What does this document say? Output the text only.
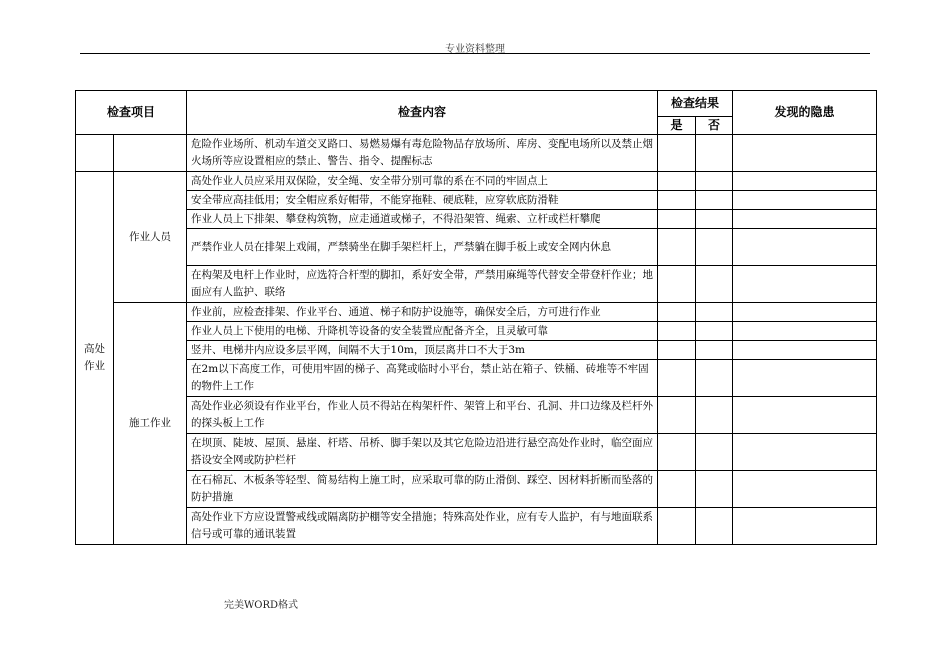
专业资料整理
检查项目		检查内容	检查结果		发现的隐患
			是	否	
		危险作业场所、机动车道交叉路口、易燃易爆有毒危险物品存放场所、库房、变配电场所以及禁止烟火场所等应设置相应的禁止、警告、指令、提醒标志			
高处作业	作业人员	高处作业人员应采用双保险，安全绳、安全带分别可靠的系在不同的牢固点上			
		安全带应高挂低用；安全帽应系好帽带，不能穿拖鞋、硬底鞋，应穿软底防滑鞋			
		作业人员上下排架、攀登构筑物，应走通道或梯子，不得沿架管、绳索、立杆或栏杆攀爬			
		严禁作业人员在排架上戏闹，严禁骑坐在脚手架栏杆上，严禁躺在脚手板上或安全网内休息			
		在构架及电杆上作业时，应选符合杆型的脚扣，系好安全带，严禁用麻绳等代替安全带登杆作业；地面应有人监护、联络			
	施工作业	作业前，应检查排架、作业平台、通道、梯子和防护设施等，确保安全后，方可进行作业			
		作业人员上下使用的电梯、升降机等设备的安全装置应配备齐全，且灵敏可靠			
		竖井、电梯井内应设多层平网，间隔不大于10m，顶层离井口不大于3m			
		在2m以下高度工作，可使用牢固的梯子、高凳或临时小平台，禁止站在箱子、铁桶、砖堆等不牢固的物件上工作			
		高处作业必须设有作业平台，作业人员不得站在构架杆件、架管上和平台、孔洞、井口边缘及栏杆外的探头板上工作			
		在坝顶、陡坡、屋顶、悬崖、杆塔、吊桥、脚手架以及其它危险边沿进行悬空高处作业时，临空面应搭设安全网或防护栏杆			
		在石棉瓦、木板条等轻型、简易结构上施工时，应采取可靠的防止滑倒、踩空、因材料折断而坠落的防护措施			
		高处作业下方应设置警戒线或隔离防护棚等安全措施；特殊高处作业，应有专人监护，有与地面联系信号或可靠的通讯装置			
完美WORD格式
